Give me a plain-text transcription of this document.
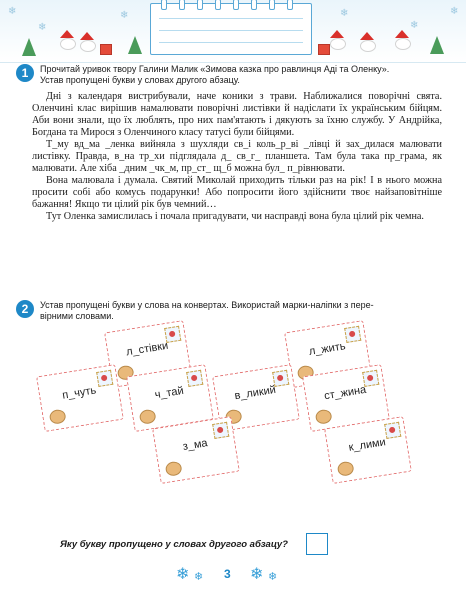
❄
❄
❄	❄
❄
❄
1	Прочитай уривок твору Галини Малик «Зимова казка про равлинця Аді та Оленку».
Устав пропущені букви у словах другого абзацу.

Дні з календаря вистрибували, наче коники з трави. Наближалися поворічні свята. Оленчині клас вирішив намалювати поворічні листівки й надіслати їх українським бійцям. Аби вони знали, що їх люблять, про них пам'ятають і дякують за їхню службу. У Андрійка, Богдана та Мирося з Оленчиного класу татусі були бійцями.

Т_му вд_ма _ленка вийняла з шухляди св_і коль_р_ві _лівці й зах_дилася малювати листівку. Правда, в_на тр_хи підглядала д_ св_г_ планшета. Там була така пр_грама, як малювати. Але хіба _дним _чк_м, пр_ст_ щ_б можна бул_ п_рівнювати.

Вона малювала і думала. Святий Миколай приходить тільки раз на рік! І в нього можна просити собі або комусь подарунки! Або попросити його здійснити твоє найзаповітніше бажання! Якщо ти цілий рік був чемний…

Тут Оленка замислилась і почала пригадувати, чи насправді вона була цілий рік чемна.

2	Устав пропущені букви у слова на конвертах. Використай марки-наліпки з пере-
вірними словами.
л_стівки	л_жить
п_чуть	ч_тай	в_ликий	ст_жина
з_ма	к_лими
Яку букву пропущено у словах другого абзацу?
❄ ❄ 3 ❄ ❄
